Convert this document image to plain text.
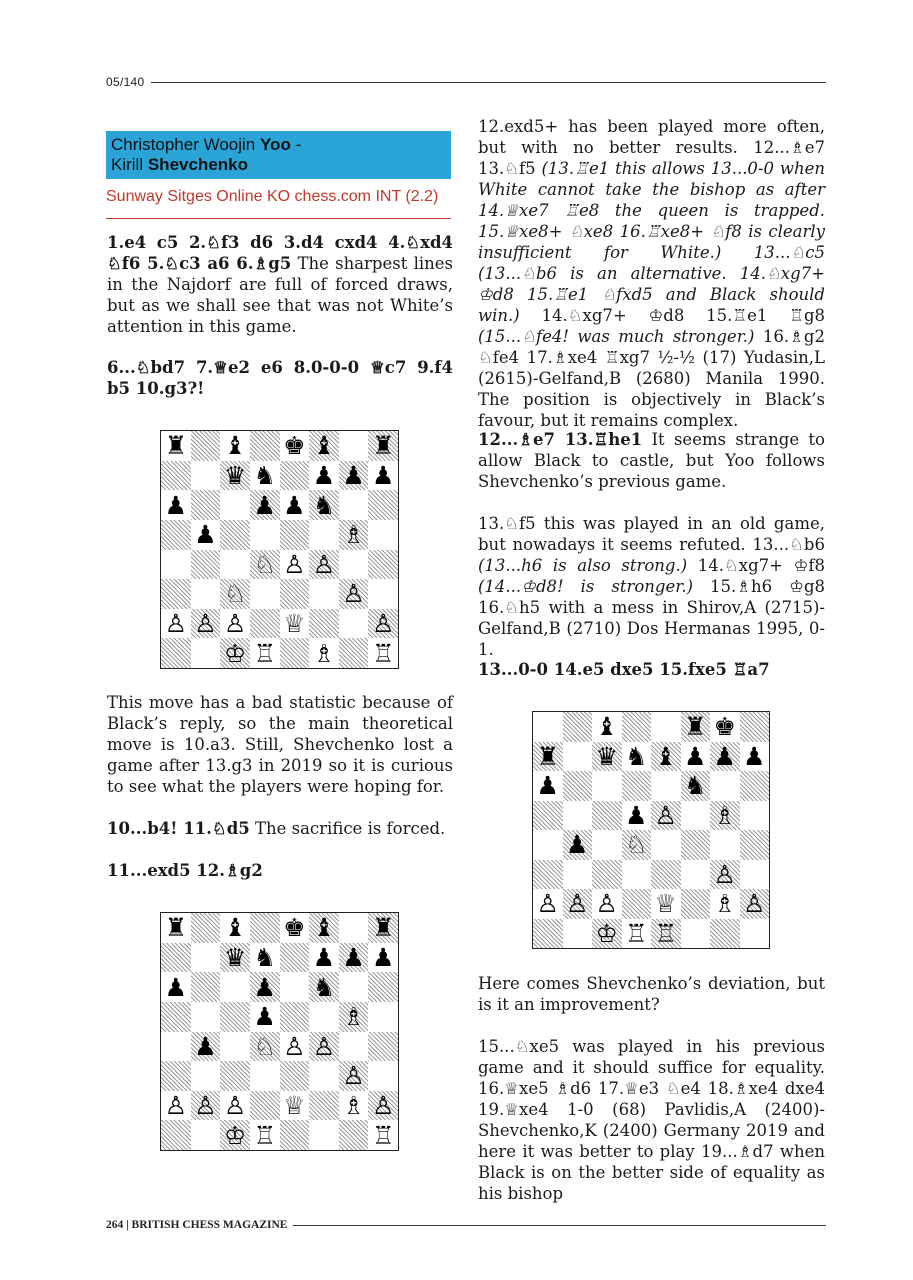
05/140
Christopher Woojin Yoo -
Kirill Shevchenko
Sunway Sitges Online KO chess.com INT (2.2)

1.e4 c5 2.♘f3 d6 3.d4 cxd4 4.♘xd4 ♘f6 5.♘c3 a6 6.♗g5 The sharpest lines in the Najdorf are full of forced draws, but as we shall see that was not White’s attention in this game.

6...♘bd7 7.♕e2 e6 8.0-0-0 ♕c7 9.f4 b5 10.g3?!

♜ ♝ ♚ ♝ ♜
♛ ♞ ♟ ♟ ♟
♟	♟ ♟ ♞
♟	♗
♘ ♙ ♙
♘	♙
♙ ♙ ♙ ♕	♙
♔ ♖ ♗ ♖

This move has a bad statistic because of Black’s reply, so the main theoretical move is 10.a3. Still, Shevchenko lost a game after 13.g3 in 2019 so it is curious to see what the players were hoping for.

10...b4! 11.♘d5 The sacrifice is forced.

11...exd5 12.♗g2

♜ ♝ ♚ ♝ ♜
♛ ♞ ♟ ♟ ♟
♟	♟ ♞
♟	♗
♟ ♘ ♙ ♙
♙
♙ ♙ ♙ ♕ ♗ ♙
♔ ♖	♖

12.exd5+ has been played more often, but with no better results. 12...♗e7 13.♘f5 (13.♖e1 this allows 13...0-0 when White cannot take the bishop as after 14.♕xe7 ♖e8 the queen is trapped. 15.♕xe8+ ♘xe8 16.♖xe8+ ♘f8 is clearly insufficient for White.) 13...♘c5 (13...♘b6 is an alternative. 14.♘xg7+ ♔d8 15.♖e1 ♘fxd5 and Black should win.) 14.♘xg7+ ♔d8 15.♖e1 ♖g8 (15...♘fe4! was much stronger.) 16.♗g2 ♘fe4 17.♗xe4 ♖xg7 ½-½ (17) Yudasin,L (2615)-Gelfand,B (2680) Manila 1990. The position is objectively in Black’s favour, but it remains complex.

12...♗e7 13.♖he1 It seems strange to allow Black to castle, but Yoo follows Shevchenko’s previous game.

13.♘f5 this was played in an old game, but nowadays it seems refuted. 13...♘b6 (13...h6 is also strong.) 14.♘xg7+ ♔f8 (14...♔d8! is stronger.) 15.♗h6 ♔g8 16.♘h5 with a mess in Shirov,A (2715)-Gelfand,B (2710) Dos Hermanas 1995, 0-1.

13...0-0 14.e5 dxe5 15.fxe5 ♖a7

♝	♜ ♚
♜ ♛ ♞ ♝ ♟ ♟ ♟
♟	♞
♟ ♙ ♗
♟ ♘
♙
♙ ♙ ♙ ♕ ♗ ♙
♔ ♖ ♖

Here comes Shevchenko’s deviation, but is it an improvement?

15...♘xe5 was played in his previous game and it should suffice for equality. 16.♕xe5 ♗d6 17.♕e3 ♘e4 18.♗xe4 dxe4 19.♕xe4 1-0 (68) Pavlidis,A (2400)-Shevchenko,K (2400) Germany 2019 and here it was better to play 19...♗d7 when Black is on the better side of equality as his bishop

264 | BRITISH CHESS MAGAZINE
